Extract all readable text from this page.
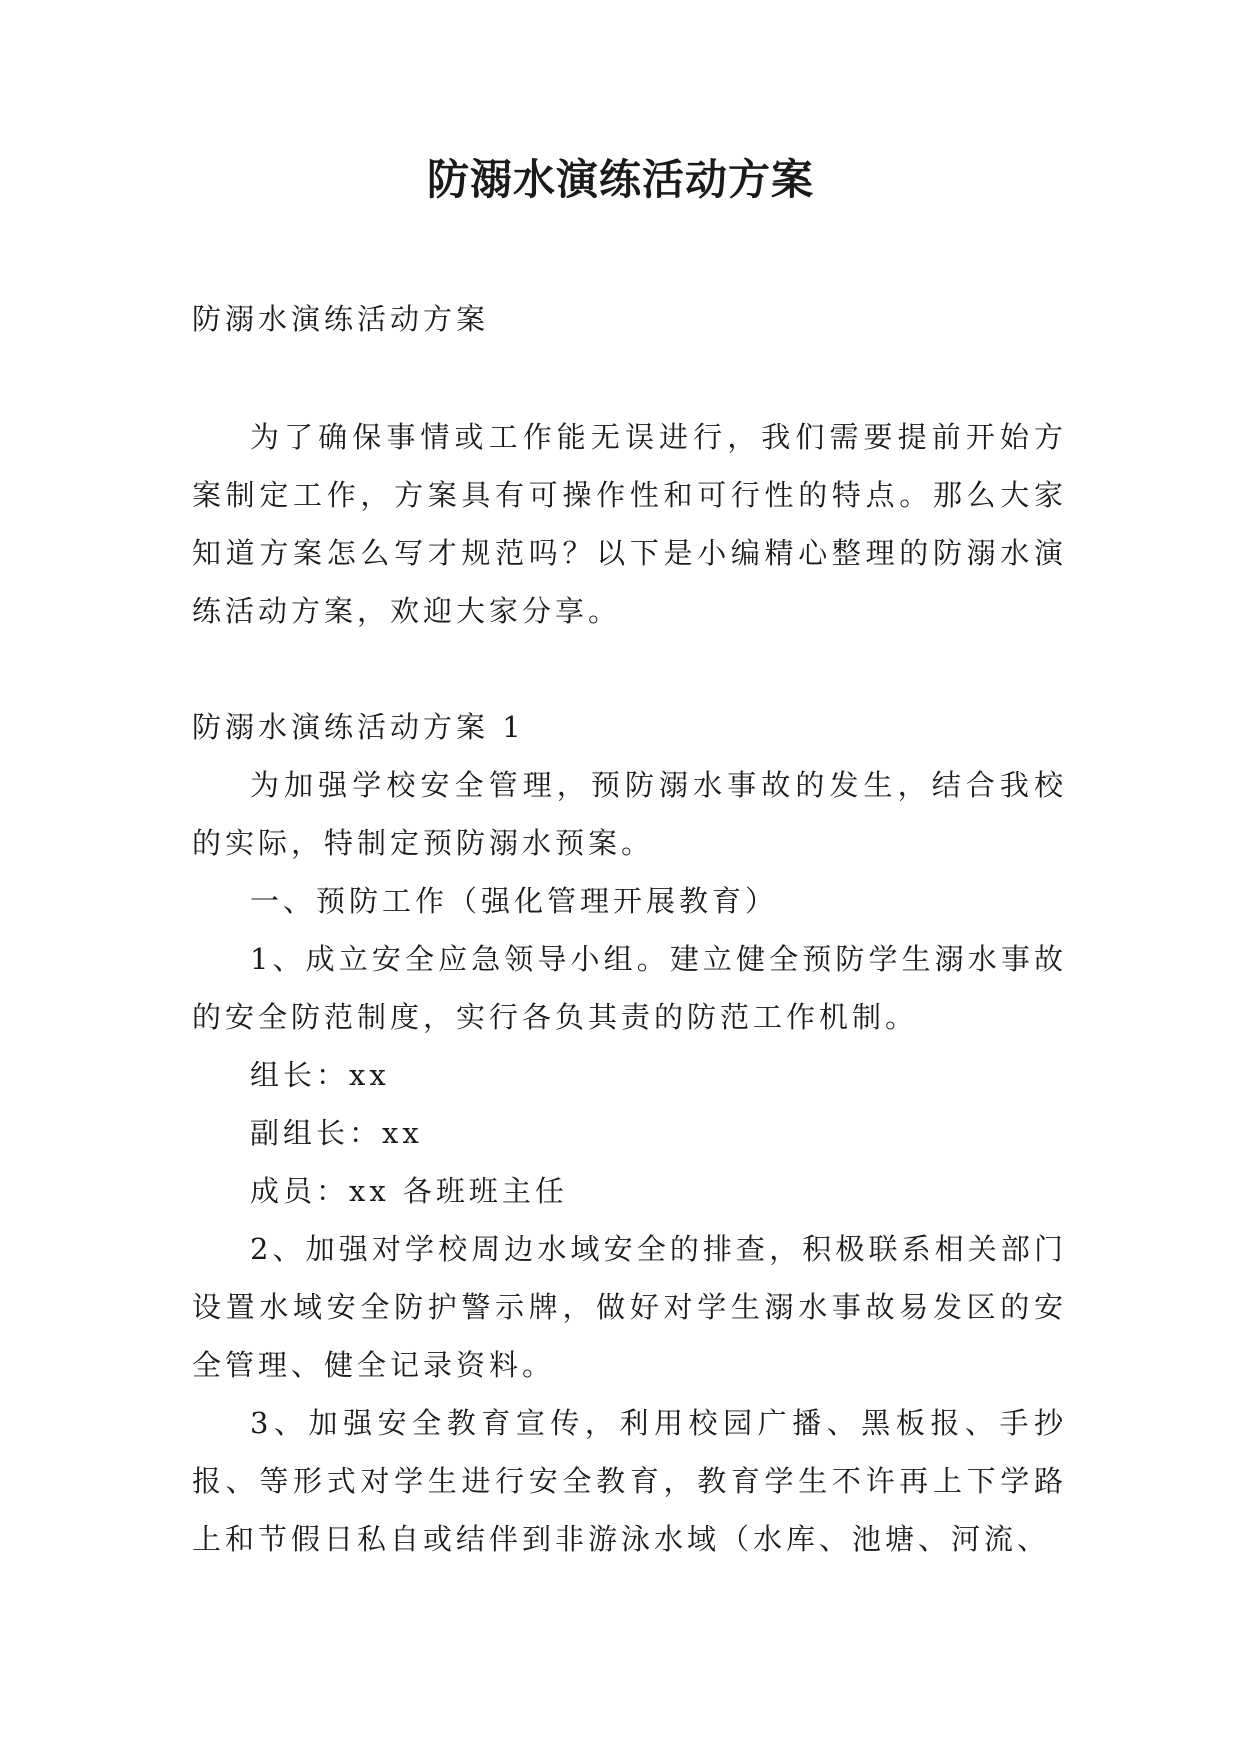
防溺水演练活动方案

防溺水演练活动方案

为了确保事情或工作能无误进行，我们需要提前开始方案制定工作，方案具有可操作性和可行性的特点。那么大家知道方案怎么写才规范吗？以下是小编精心整理的防溺水演练活动方案，欢迎大家分享。

防溺水演练活动方案 1

为加强学校安全管理，预防溺水事故的发生，结合我校的实际，特制定预防溺水预案。

一、预防工作（强化管理开展教育）

1、成立安全应急领导小组。建立健全预防学生溺水事故的安全防范制度，实行各负其责的防范工作机制。

组长：xx

副组长：xx

成员：xx 各班班主任

2、加强对学校周边水域安全的排查，积极联系相关部门设置水域安全防护警示牌，做好对学生溺水事故易发区的安全管理、健全记录资料。

3、加强安全教育宣传，利用校园广播、黑板报、手抄报、等形式对学生进行安全教育，教育学生不许再上下学路上和节假日私自或结伴到非游泳水域（水库、池塘、河流、
